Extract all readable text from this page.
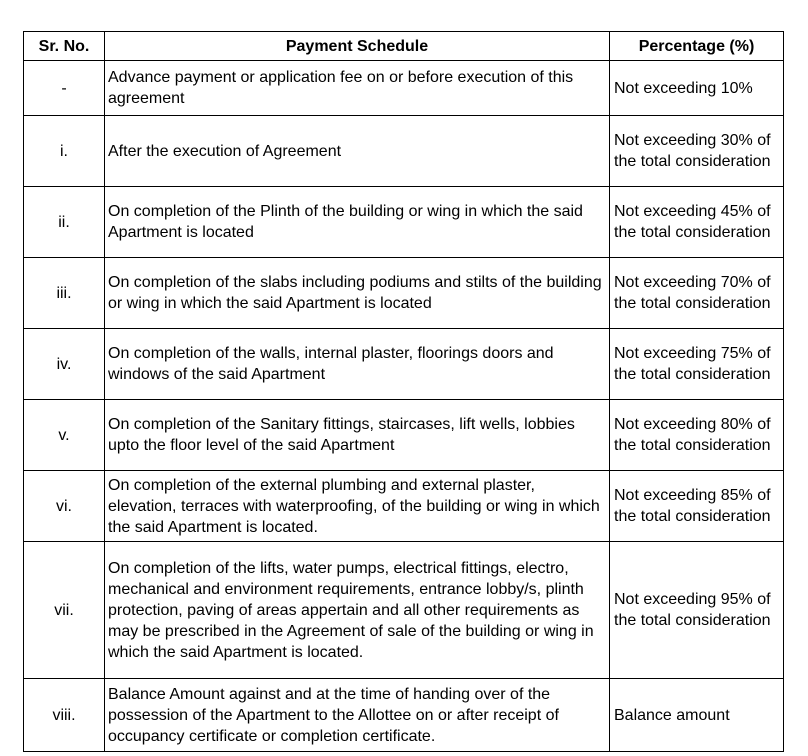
Sr. No.	Payment Schedule	Percentage (%)
-	Advance payment or application fee on or before execution of this agreement	Not exceeding 10%
i.	After the execution of Agreement	Not exceeding 30% of the total consideration
ii.	On completion of the Plinth of the building or wing in which the said Apartment is located	Not exceeding 45% of the total consideration
iii.	On completion of the slabs including podiums and stilts of the building or wing in which the said Apartment is located	Not exceeding 70% of the total consideration
iv.	On completion of the walls, internal plaster, floorings doors and windows of the said Apartment	Not exceeding 75% of the total consideration
v.	On completion of the Sanitary fittings, staircases, lift wells, lobbies upto the floor level of the said Apartment	Not exceeding 80% of the total consideration
vi.	On completion of the external plumbing and external plaster, elevation, terraces with waterproofing, of the building or wing in which the said Apartment is located.	Not exceeding 85% of the total consideration
vii.	On completion of the lifts, water pumps, electrical fittings, electro, mechanical and environment requirements, entrance lobby/s, plinth protection, paving of areas appertain and all other requirements as may be prescribed in the Agreement of sale of the building or wing in which the said Apartment is located.	Not exceeding 95% of the total consideration
viii.	Balance Amount against and at the time of handing over of the possession of the Apartment to the Allottee on or after receipt of occupancy certificate or completion certificate.	Balance amount
